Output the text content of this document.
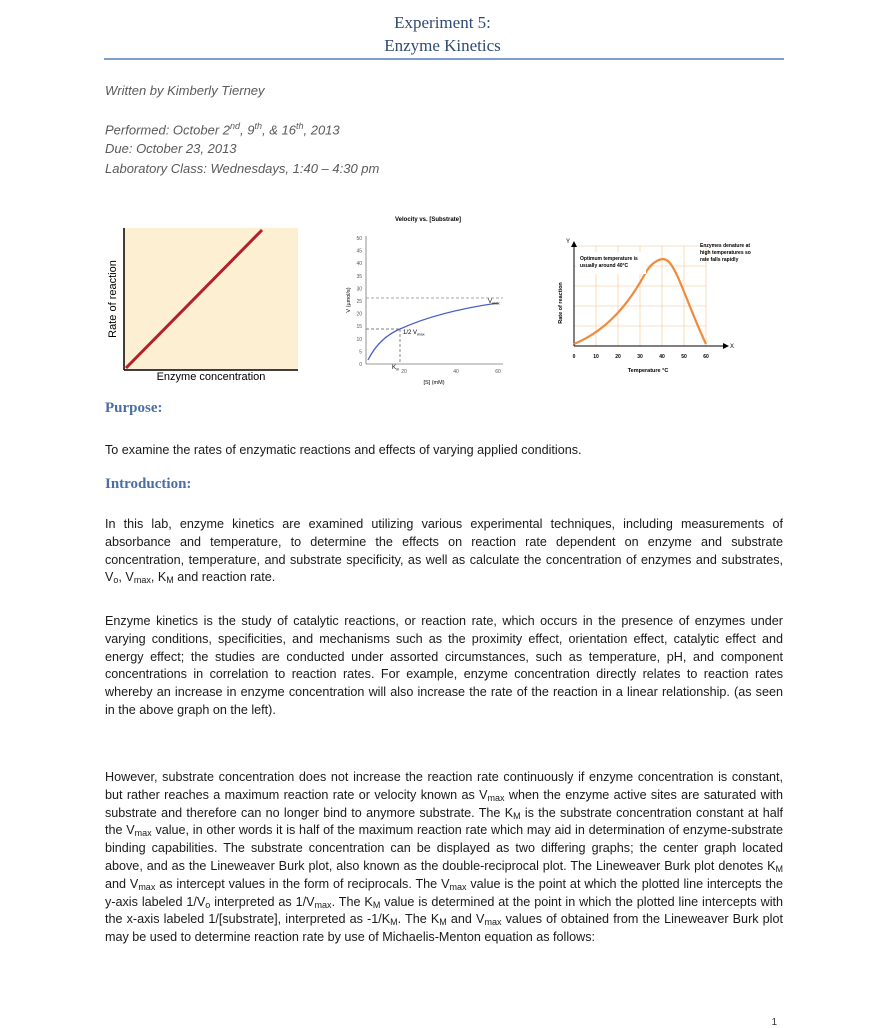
Experiment 5:
Enzyme Kinetics
Written by Kimberly Tierney
Performed: October 2nd, 9th, & 16th, 2013
Due: October 23, 2013
Laboratory Class: Wednesdays, 1:40 – 4:30 pm
Rate of reaction
Enzyme concentration
Velocity vs. [Substrate]
50
45
40
35
30
25
20
15
10
5
0
20	40	60
V (µmol/s)
[S] (mM)
$V_{max}$
1/2 $V_{max}$
$K_m$
Y
X
0	10	20	30	40	50	60
Rate of reaction
Temperature °C
Optimum temperature is
usually around 40°C
Enzymes denature at
high temperatures so
rate falls rapidly
Purpose:
To examine the rates of enzymatic reactions and effects of varying applied conditions.
Introduction:
In this lab, enzyme kinetics are examined utilizing various experimental techniques, including measurements of absorbance and temperature, to determine the effects on reaction rate dependent on enzyme and substrate concentration, temperature, and substrate specificity, as well as calculate the concentration of enzymes and substrates, $V_o$, $V_{max}$, $K_M$ and reaction rate.
Enzyme kinetics is the study of catalytic reactions, or reaction rate, which occurs in the presence of enzymes under varying conditions, specificities, and mechanisms such as the proximity effect, orientation effect, catalytic effect and energy effect; the studies are conducted under assorted circumstances, such as temperature, pH, and component concentrations in correlation to reaction rates. For example, enzyme concentration directly relates to reaction rates whereby an increase in enzyme concentration will also increase the rate of the reaction in a linear relationship. (as seen in the above graph on the left).
However, substrate concentration does not increase the reaction rate continuously if enzyme concentration is constant, but rather reaches a maximum reaction rate or velocity known as $V_{max}$ when the enzyme active sites are saturated with substrate and therefore can no longer bind to anymore substrate. The $K_M$ is the substrate concentration constant at half the $V_{max}$ value, in other words it is half of the maximum reaction rate which may aid in determination of enzyme-substrate binding capabilities. The substrate concentration can be displayed as two differing graphs; the center graph located above, and as the Lineweaver Burk plot, also known as the double-reciprocal plot. The Lineweaver Burk plot denotes $K_M$ and $V_{max}$ as intercept values in the form of reciprocals. The $V_{max}$ value is the point at which the plotted line intercepts the y-axis labeled $1/V_o$ interpreted as $1/V_{max}$. The $K_M$ value is determined at the point in which the plotted line intercepts with the x-axis labeled 1/[substrate], interpreted as $-1/K_M$. The $K_M$ and $V_{max}$ values of obtained from the Lineweaver Burk plot may be used to determine reaction rate by use of Michaelis-Menton equation as follows:
1
